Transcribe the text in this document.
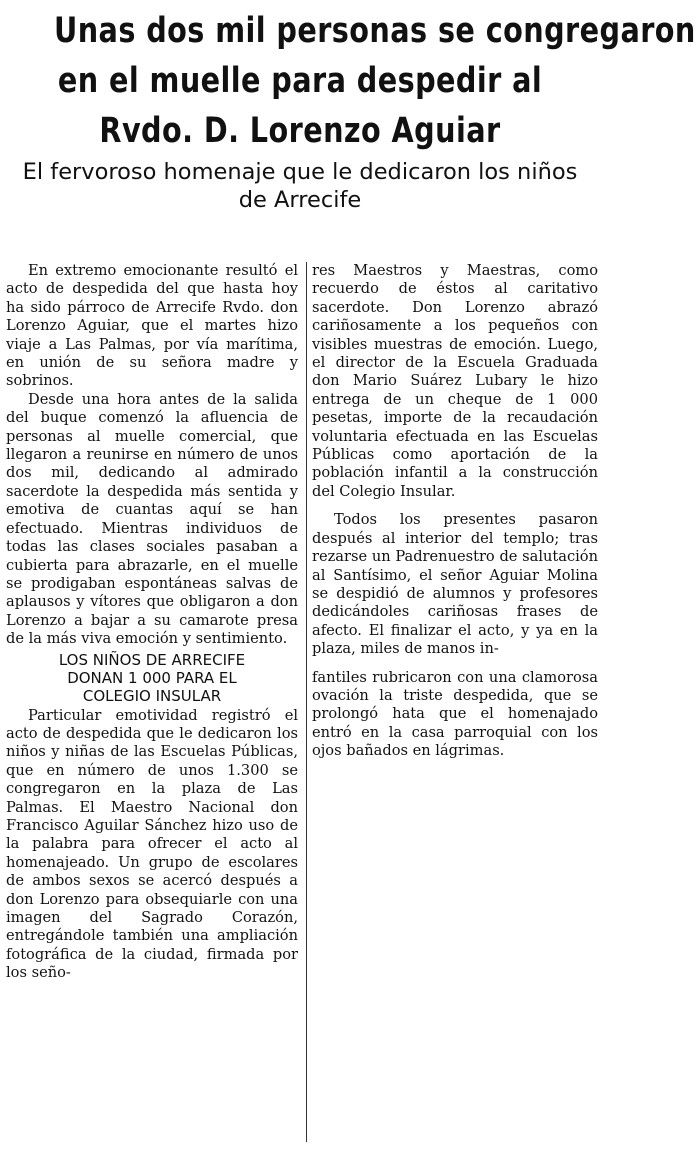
Unas dos mil personas se congregaron
en el muelle para despedir al
Rvdo. D. Lorenzo Aguiar
El fervoroso homenaje que le dedicaron los niños
de Arrecife

En extremo emocionante resultó el acto de despedida del que hasta hoy ha sido párroco de Arrecife Rvdo. don Lorenzo Aguiar, que el martes hizo viaje a Las Palmas, por vía marítima, en unión de su señora madre y sobrinos.

Desde una hora antes de la salida del buque comenzó la afluencia de personas al muelle comercial, que llegaron a reunirse en número de unos dos mil, dedicando al admirado sacerdote la despedida más sentida y emotiva de cuantas aquí se han efectuado. Mientras individuos de todas las clases sociales pasaban a cubierta para abrazarle, en el muelle se prodigaban espontáneas salvas de aplausos y vítores que obligaron a don Lorenzo a bajar a su camarote presa de la más viva emoción y sentimiento.

LOS NIÑOS DE ARRECIFE
DONAN 1 000 PARA EL
COLEGIO INSULAR

Particular emotividad registró el acto de despedida que le dedicaron los niños y niñas de las Escuelas Públicas, que en número de unos 1.300 se congregaron en la plaza de Las Palmas. El Maestro Nacional don Francisco Aguilar Sánchez hizo uso de la palabra para ofrecer el acto al homenajeado. Un grupo de escolares de ambos sexos se acercó después a don Lorenzo para obsequiarle con una imagen del Sagrado Corazón, entregándole también una ampliación fotográfica de la ciudad, firmada por los seño-

res Maestros y Maestras, como recuerdo de éstos al caritativo sacerdote. Don Lorenzo abrazó cariñosamente a los pequeños con visibles muestras de emoción. Luego, el director de la Escuela Graduada don Mario Suárez Lubary le hizo entrega de un cheque de 1 000 pesetas, importe de la recaudación voluntaria efectuada en las Escuelas Públicas como aportación de la población infantil a la construcción del Colegio Insular.

Todos los presentes pasaron después al interior del templo; tras rezarse un Padrenuestro de salutación al Santísimo, el señor Aguiar Molina se despidió de alumnos y profesores dedicándoles cariñosas frases de afecto. El finalizar el acto, y ya en la plaza, miles de manos in-

fantiles rubricaron con una clamorosa ovación la triste despedida, que se prolongó hata que el homenajado entró en la casa parroquial con los ojos bañados en lágrimas.
